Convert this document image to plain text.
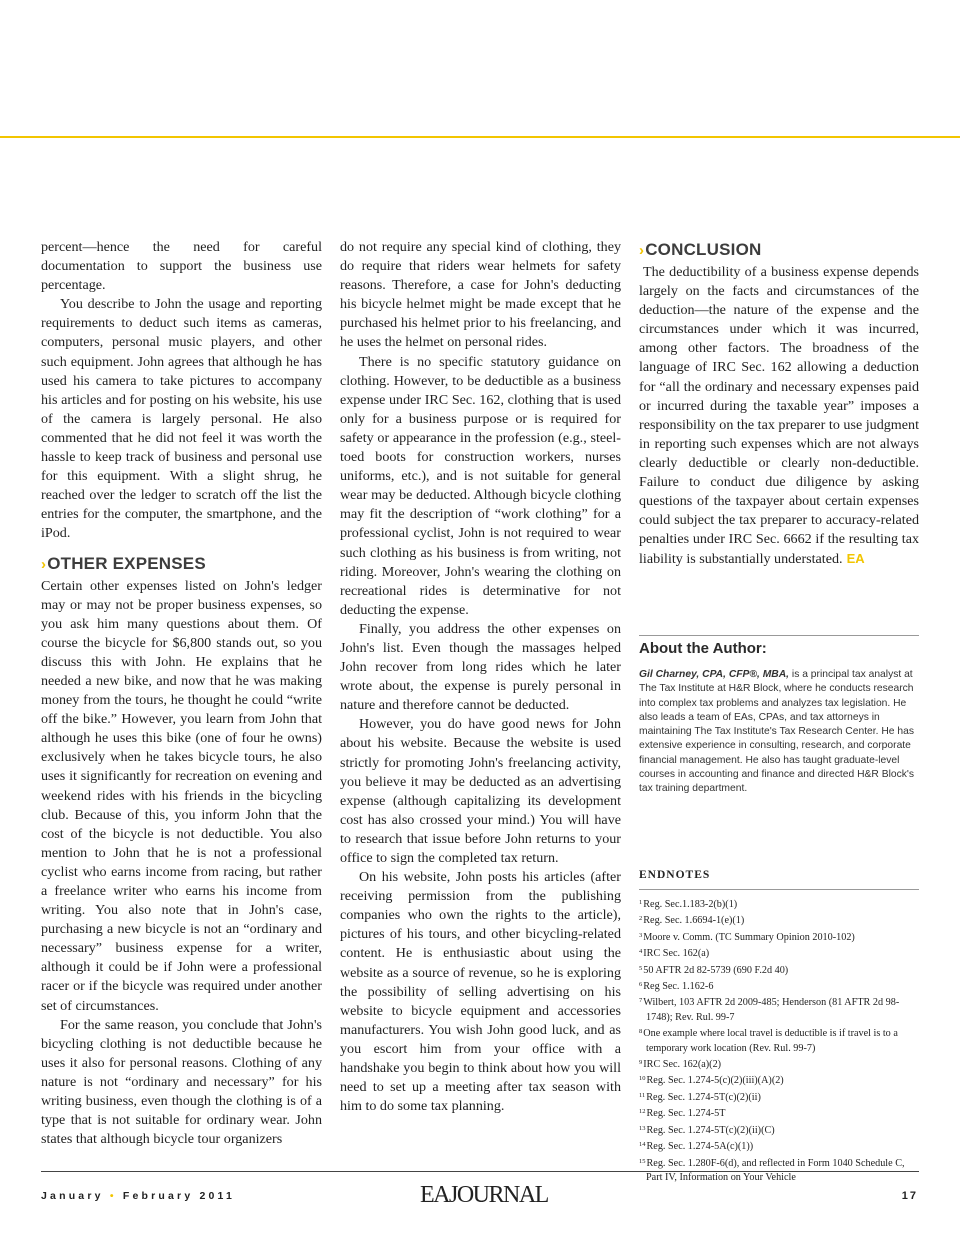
percent—hence the need for careful documentation to support the business use percentage.

You describe to John the usage and reporting requirements to deduct such items as cameras, computers, personal music players, and other such equipment. John agrees that although he has used his camera to take pictures to accompany his articles and for posting on his website, his use of the camera is largely personal. He also commented that he did not feel it was worth the hassle to keep track of business and personal use for this equipment. With a slight shrug, he reached over the ledger to scratch off the list the entries for the computer, the smartphone, and the iPod.

›OTHER EXPENSES

Certain other expenses listed on John's ledger may or may not be proper business expenses, so you ask him many questions about them. Of course the bicycle for $6,800 stands out, so you discuss this with John. He explains that he needed a new bike, and now that he was making money from the tours, he thought he could “write off the bike.” However, you learn from John that although he uses this bike (one of four he owns) exclusively when he takes bicycle tours, he also uses it significantly for recreation on evening and weekend rides with his friends in the bicycling club. Because of this, you inform John that the cost of the bicycle is not deductible. You also mention to John that he is not a professional cyclist who earns income from racing, but rather a freelance writer who earns his income from writing. You also note that in John's case, purchasing a new bicycle is not an “ordinary and necessary” business expense for a writer, although it could be if John were a professional racer or if the bicycle was required under another set of circumstances.

For the same reason, you conclude that John's bicycling clothing is not deductible because he uses it also for personal reasons. Clothing of any nature is not “ordinary and necessary” for his writing business, even though the clothing is of a type that is not suitable for ordinary wear. John states that although bicycle tour organizers

do not require any special kind of clothing, they do require that riders wear helmets for safety reasons. Therefore, a case for John's deducting his bicycle helmet might be made except that he purchased his helmet prior to his freelancing, and he uses the helmet on personal rides.

There is no specific statutory guidance on clothing. However, to be deductible as a business expense under IRC Sec. 162, clothing that is used only for a business purpose or is required for safety or appearance in the profession (e.g., steel-toed boots for construction workers, nurses uniforms, etc.), and is not suitable for general wear may be deducted. Although bicycle clothing may fit the description of “work clothing” for a professional cyclist, John is not required to wear such clothing as his business is from writing, not riding. Moreover, John's wearing the clothing on recreational rides is determinative for not deducting the expense.

Finally, you address the other expenses on John's list. Even though the massages helped John recover from long rides which he later wrote about, the expense is purely personal in nature and therefore cannot be deducted.

However, you do have good news for John about his website. Because the website is used strictly for promoting John's freelancing activity, you believe it may be deducted as an advertising expense (although capitalizing its development cost has also crossed your mind.) You will have to research that issue before John returns to your office to sign the completed tax return.

On his website, John posts his articles (after receiving permission from the publishing companies who own the rights to the article), pictures of his tours, and other bicycling-related content. He is enthusiastic about using the website as a source of revenue, so he is exploring the possibility of selling advertising on his website to bicycle equipment and accessories manufacturers. You wish John good luck, and as you escort him from your office with a handshake you begin to think about how you will need to set up a meeting after tax season with him to do some tax planning.

›CONCLUSION

The deductibility of a business expense depends largely on the facts and circumstances of the deduction—the nature of the expense and the circumstances under which it was incurred, among other factors. The broadness of the language of IRC Sec. 162 allowing a deduction for “all the ordinary and necessary expenses paid or incurred during the taxable year” imposes a responsibility on the tax preparer to use judgment in reporting such expenses which are not always clearly deductible or clearly non-deductible. Failure to conduct due diligence by asking questions of the taxpayer about certain expenses could subject the tax preparer to accuracy-related penalties under IRC Sec. 6662 if the resulting tax liability is substantially understated. EA

About the Author:

Gil Charney, CPA, CFP®, MBA, is a principal tax analyst at The Tax Institute at H&R Block, where he conducts research into complex tax problems and analyzes tax legislation. He also leads a team of EAs, CPAs, and tax attorneys in maintaining The Tax Institute's Tax Research Center. He has extensive experience in consulting, research, and corporate financial management. He also has taught graduate-level courses in accounting and finance and directed H&R Block's tax training department.

ENDNOTES
$^1$Reg. Sec.1.183-2(b)(1)
$^2$Reg. Sec. 1.6694-1(e)(1)
$^3$Moore v. Comm. (TC Summary Opinion 2010-102)
$^4$IRC Sec. 162(a)
$^5$50 AFTR 2d 82-5739 (690 F.2d 40)
$^6$Reg Sec. 1.162-6
$^7$Wilbert, 103 AFTR 2d 2009-485; Henderson (81 AFTR 2d 98-1748); Rev. Rul. 99-7
$^8$One example where local travel is deductible is if travel is to a temporary work location (Rev. Rul. 99-7)
$^9$IRC Sec. 162(a)(2)
$^{10}$Reg. Sec. 1.274-5(c)(2)(iii)(A)(2)
$^{11}$Reg. Sec. 1.274-5T(c)(2)(ii)
$^{12}$Reg. Sec. 1.274-5T
$^{13}$Reg. Sec. 1.274-5T(c)(2)(ii)(C)
$^{14}$Reg. Sec. 1.274-5A(c)(1))
$^{15}$Reg. Sec. 1.280F-6(d), and reflected in Form 1040 Schedule C, Part IV, Information on Your Vehicle
January • February 2011	EAJOURNAL	17
